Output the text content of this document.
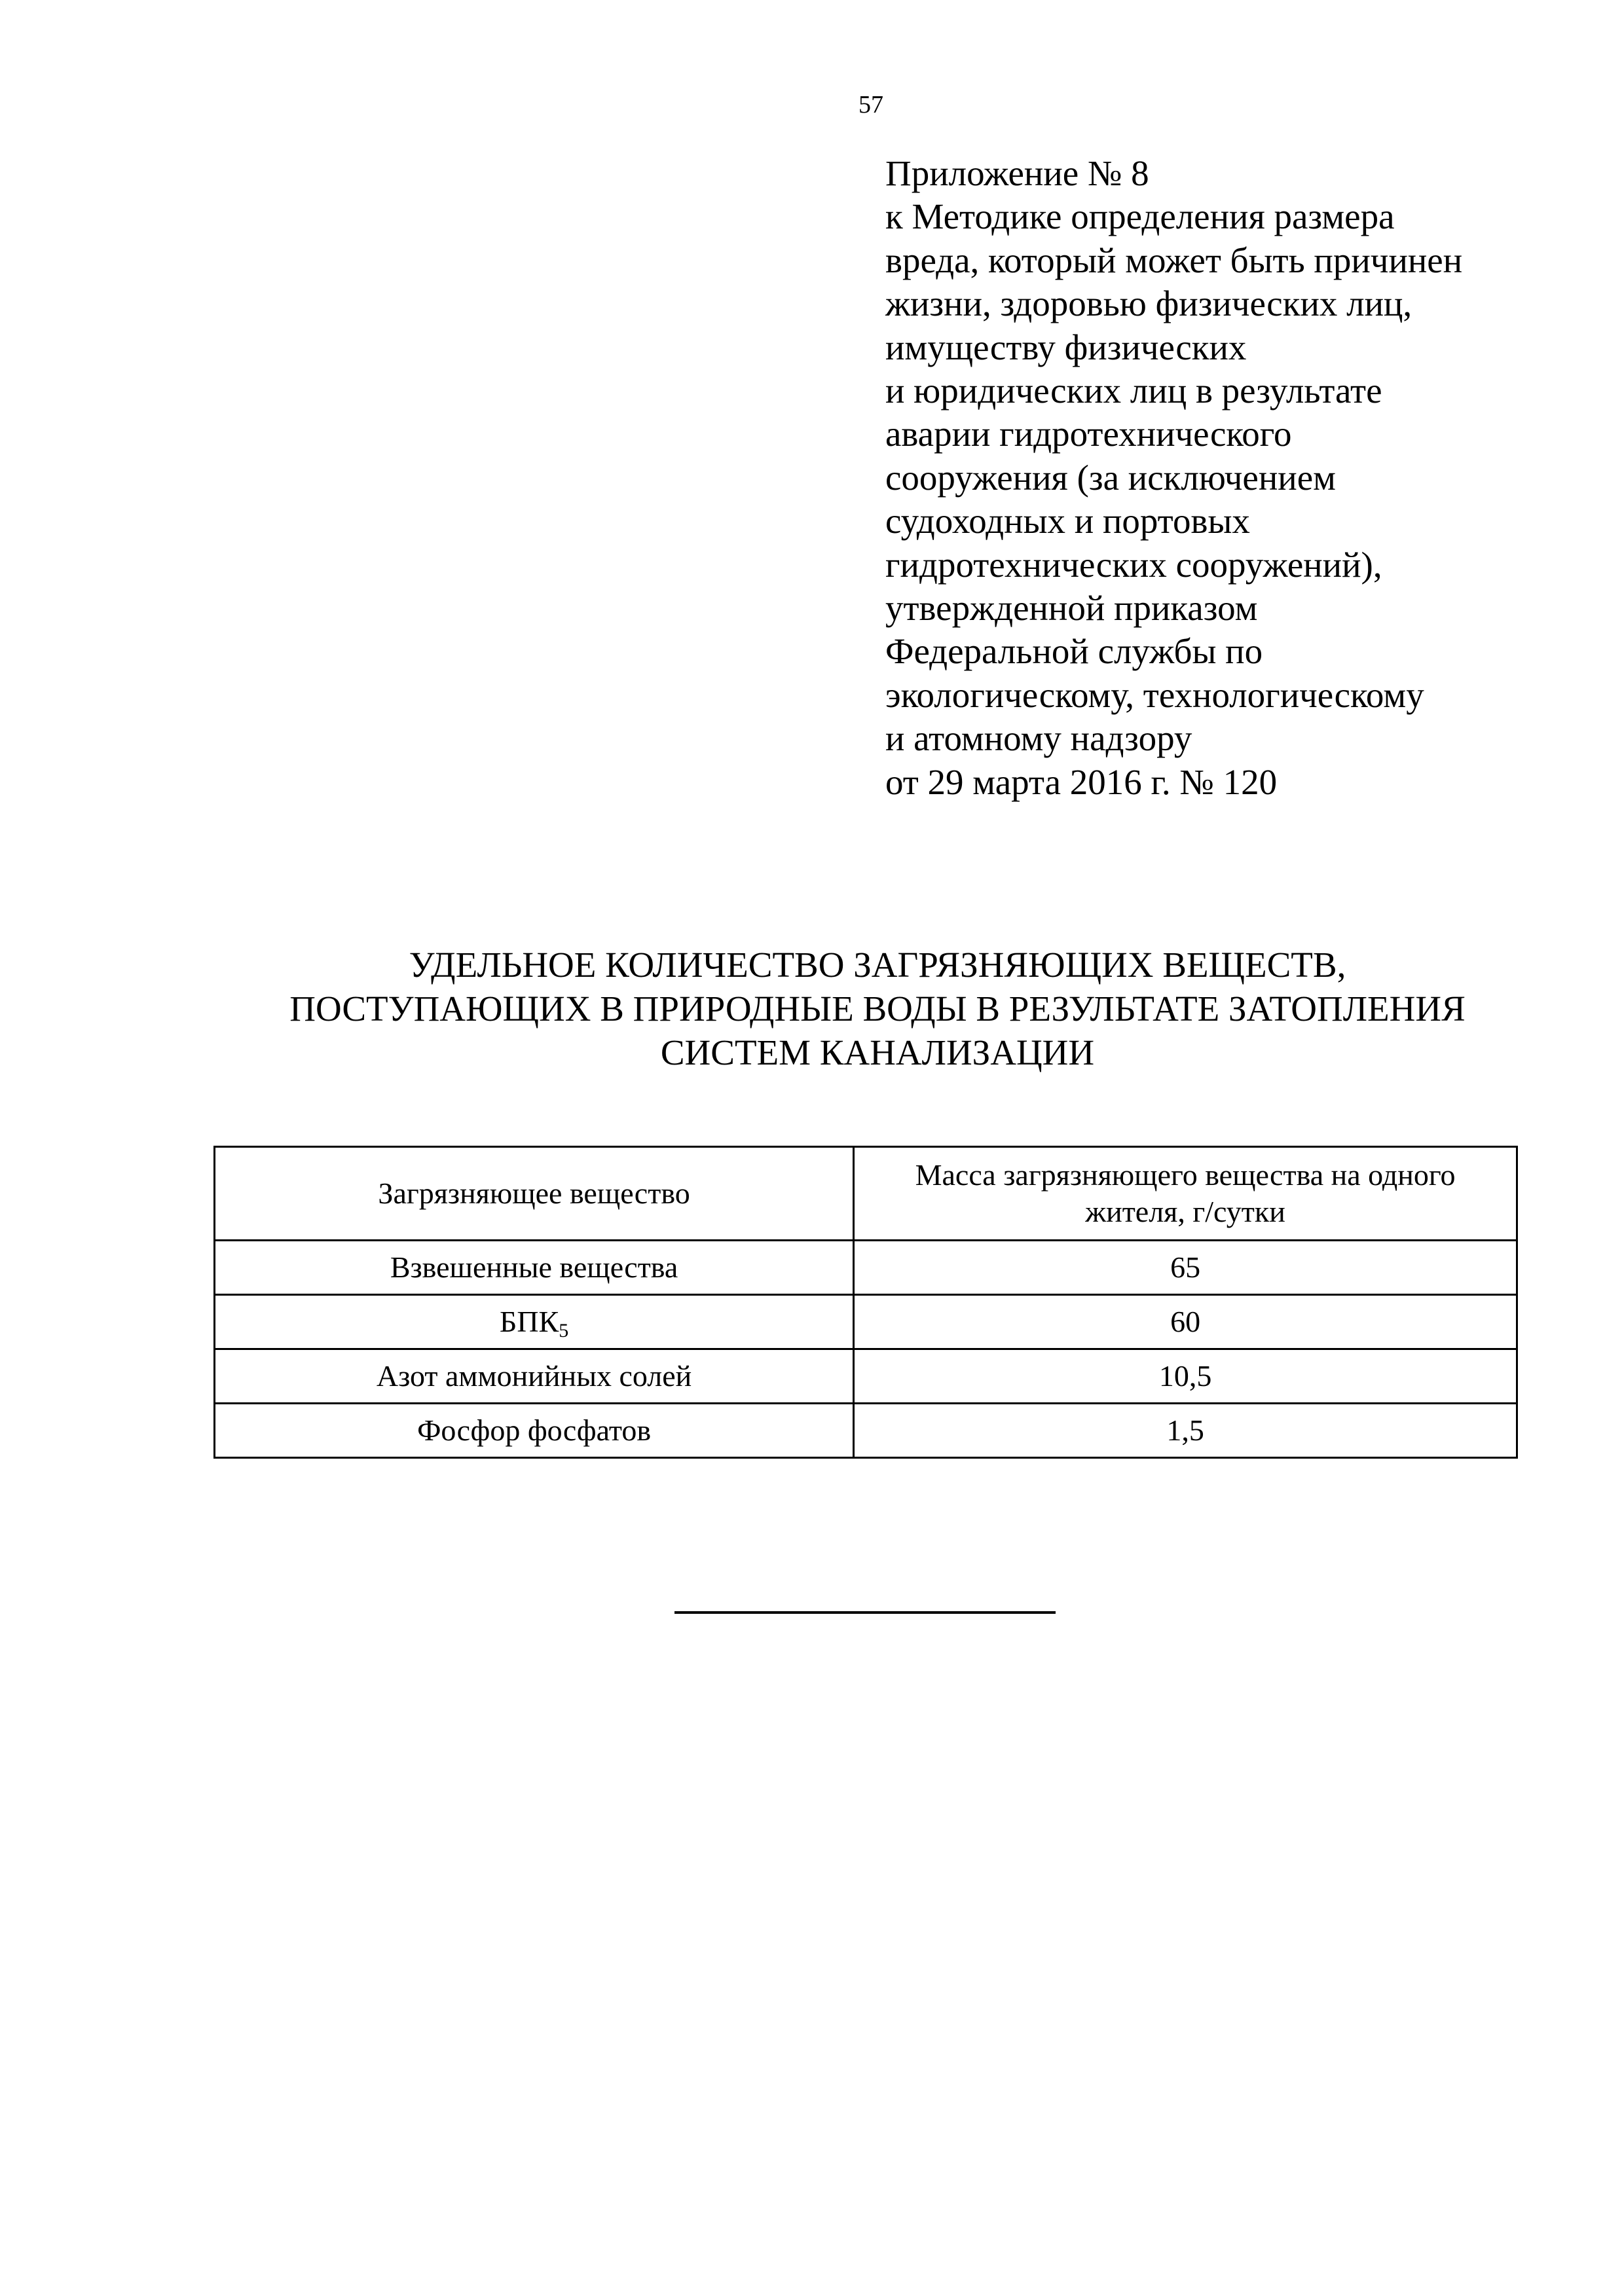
57
Приложение № 8
к Методике определения размера
вреда, который может быть причинен
жизни, здоровью физических лиц,
имуществу физических
и юридических лиц в результате
аварии гидротехнического
сооружения (за исключением
судоходных и портовых
гидротехнических сооружений),
утвержденной приказом
Федеральной службы по
экологическому, технологическому
и атомному надзору
от 29 марта 2016 г. № 120
УДЕЛЬНОЕ КОЛИЧЕСТВО ЗАГРЯЗНЯЮЩИХ ВЕЩЕСТВ,
ПОСТУПАЮЩИХ В ПРИРОДНЫЕ ВОДЫ В РЕЗУЛЬТАТЕ ЗАТОПЛЕНИЯ
СИСТЕМ КАНАЛИЗАЦИИ
Загрязняющее вещество	Масса загрязняющего вещества на одного жителя, г/сутки
Взвешенные вещества	65
$БПК_5$	60
Азот аммонийных солей	10,5
Фосфор фосфатов	1,5
